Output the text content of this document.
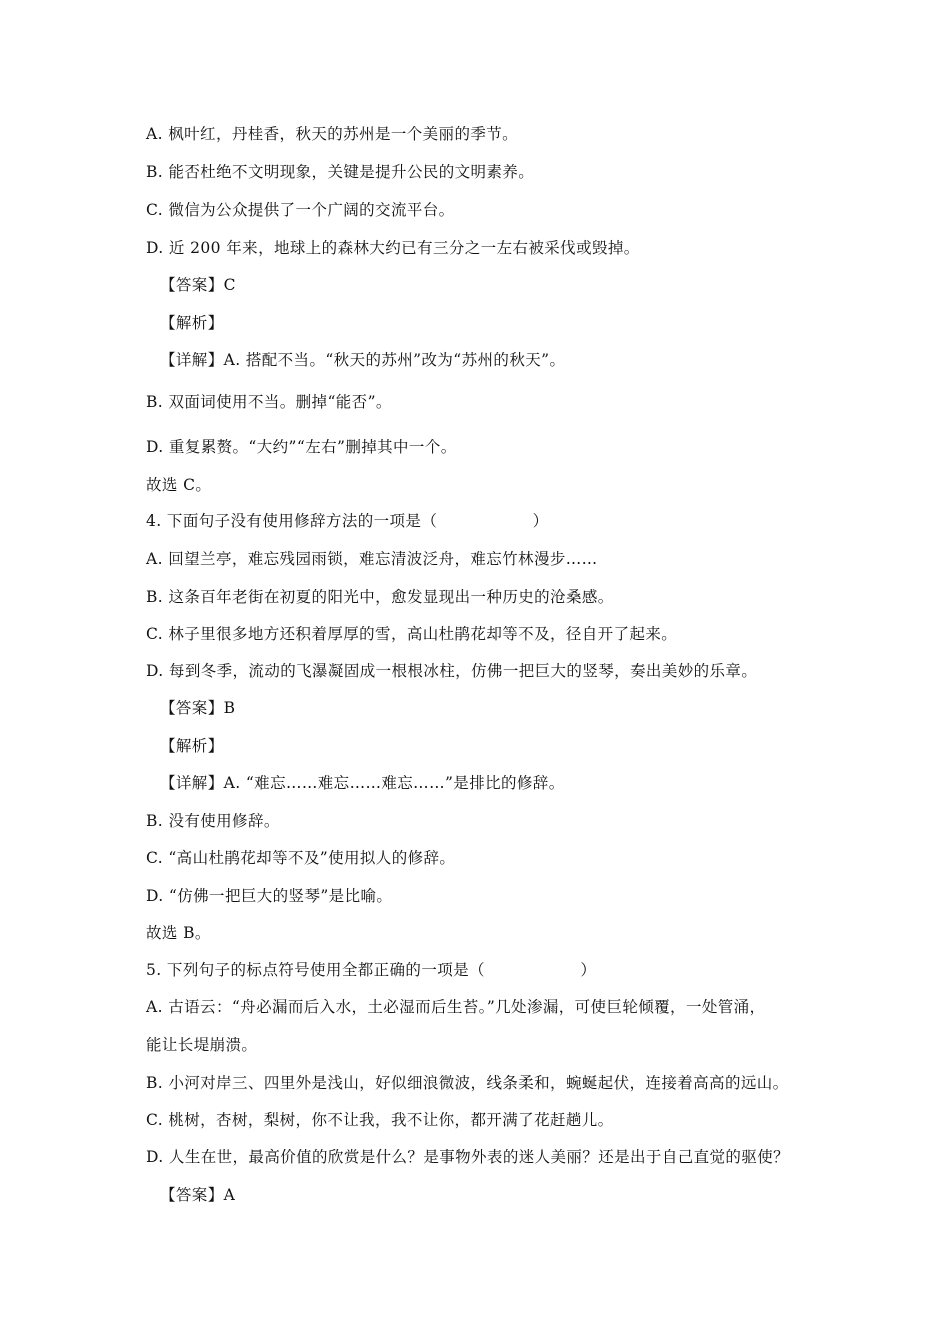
A. 枫叶红，丹桂香，秋天的苏州是一个美丽的季节。
B. 能否杜绝不文明现象，关键是提升公民的文明素养。
C. 微信为公众提供了一个广阔的交流平台。
D. 近 200 年来，地球上的森林大约已有三分之一左右被采伐或毁掉。
【答案】C
【解析】
【详解】A. 搭配不当。“秋天的苏州”改为“苏州的秋天”。
B. 双面词使用不当。删掉“能否”。
D. 重复累赘。“大约”“左右”删掉其中一个。
故选 C。
4. 下面句子没有使用修辞方法的一项是（　　　　　　）
A. 回望兰亭，难忘残园雨锁，难忘清波泛舟，难忘竹林漫步……
B. 这条百年老街在初夏的阳光中，愈发显现出一种历史的沧桑感。
C. 林子里很多地方还积着厚厚的雪，高山杜鹃花却等不及，径自开了起来。
D. 每到冬季，流动的飞瀑凝固成一根根冰柱，仿佛一把巨大的竖琴，奏出美妙的乐章。
【答案】B
【解析】
【详解】A. “难忘……难忘……难忘……”是排比的修辞。
B. 没有使用修辞。
C. “高山杜鹃花却等不及”使用拟人的修辞。
D. “仿佛一把巨大的竖琴”是比喻。
故选 B。
5. 下列句子的标点符号使用全都正确的一项是（　　　　　　）
A. 古语云：“舟必漏而后入水，土必湿而后生苔。”几处渗漏，可使巨轮倾覆，一处管涌，
能让长堤崩溃。
B. 小河对岸三、四里外是浅山，好似细浪微波，线条柔和，蜿蜒起伏，连接着高高的远山。
C. 桃树，杏树，梨树，你不让我，我不让你，都开满了花赶趟儿。
D. 人生在世，最高价值的欣赏是什么？是事物外表的迷人美丽？还是出于自己直觉的驱使？
【答案】A
